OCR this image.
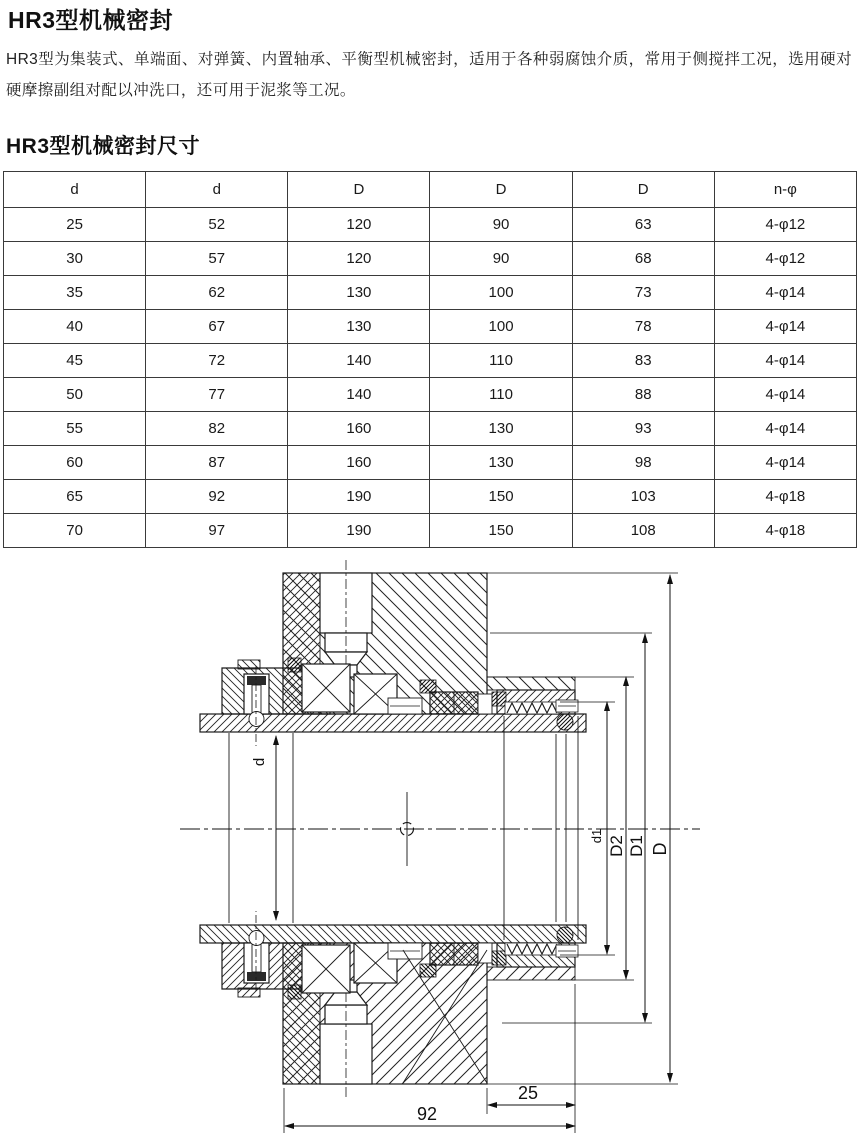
HR3型机械密封

HR3型为集装式、单端面、对弹簧、内置轴承、平衡型机械密封，适用于各种弱腐蚀介质，常用于侧搅拌工况，选用硬对硬摩擦副组对配以冲洗口，还可用于泥浆等工况。

HR3型机械密封尺寸
d	d	D	D	D	n-φ
25	52	120	90	63	4-φ12
30	57	120	90	68	4-φ12
35	62	130	100	73	4-φ14
40	67	130	100	78	4-φ14
45	72	140	110	83	4-φ14
50	77	140	110	88	4-φ14
55	82	160	130	93	4-φ14
60	87	160	130	98	4-φ14
65	92	190	150	103	4-φ18
70	97	190	150	108	4-φ18
d
d1 D2 D1 D
25
92
